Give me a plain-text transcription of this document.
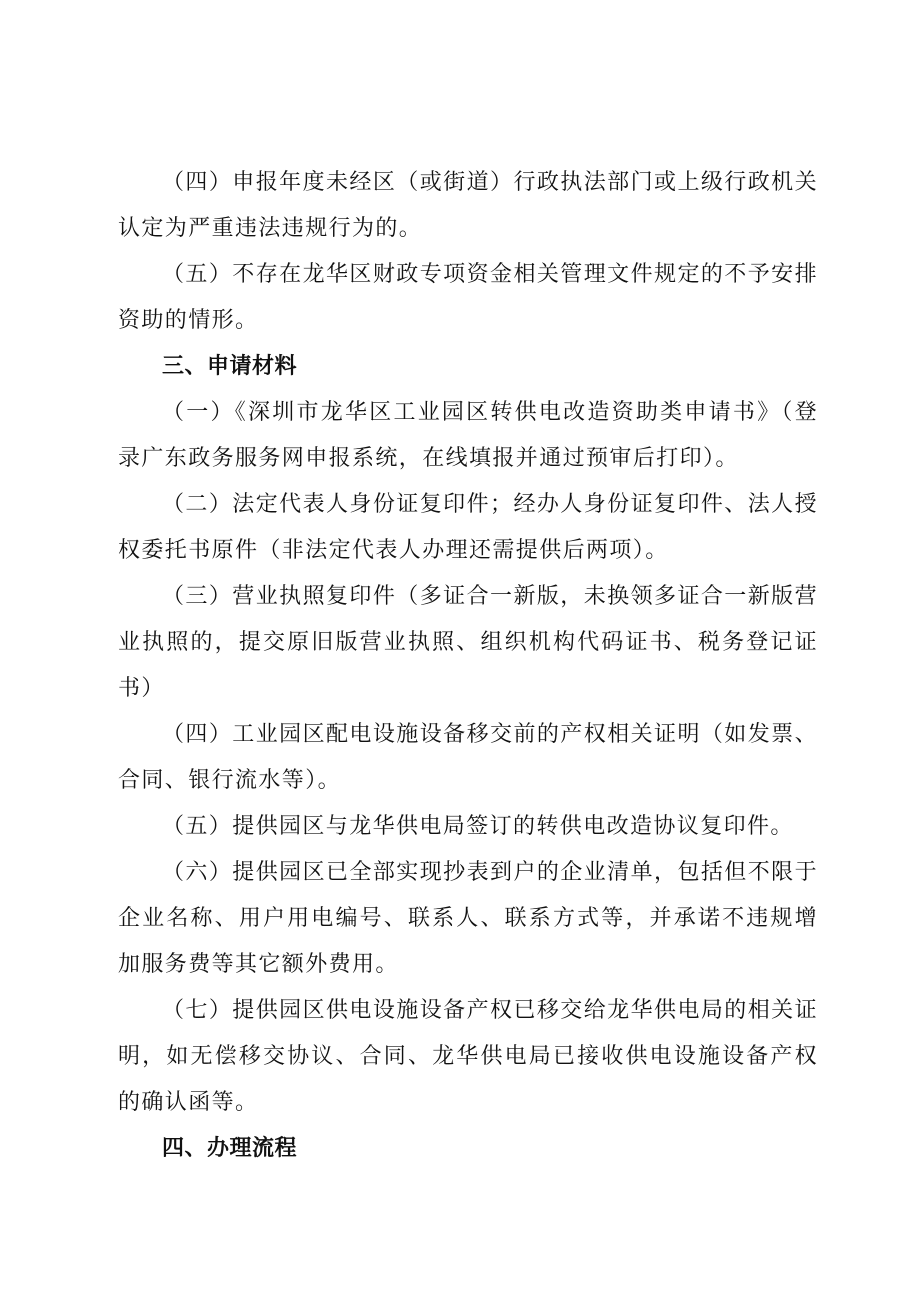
（四）申报年度未经区（或街道）行政执法部门或上级行政机关认定为严重违法违规行为的。

（五）不存在龙华区财政专项资金相关管理文件规定的不予安排资助的情形。

三、申请材料

（一）《深圳市龙华区工业园区转供电改造资助类申请书》（登录广东政务服务网申报系统，在线填报并通过预审后打印）。

（二）法定代表人身份证复印件；经办人身份证复印件、法人授权委托书原件（非法定代表人办理还需提供后两项）。

（三）营业执照复印件（多证合一新版，未换领多证合一新版营业执照的，提交原旧版营业执照、组织机构代码证书、税务登记证书）

（四）工业园区配电设施设备移交前的产权相关证明（如发票、合同、银行流水等）。

（五）提供园区与龙华供电局签订的转供电改造协议复印件。

（六）提供园区已全部实现抄表到户的企业清单，包括但不限于企业名称、用户用电编号、联系人、联系方式等，并承诺不违规增加服务费等其它额外费用。

（七）提供园区供电设施设备产权已移交给龙华供电局的相关证明，如无偿移交协议、合同、龙华供电局已接收供电设施设备产权的确认函等。

四、办理流程
